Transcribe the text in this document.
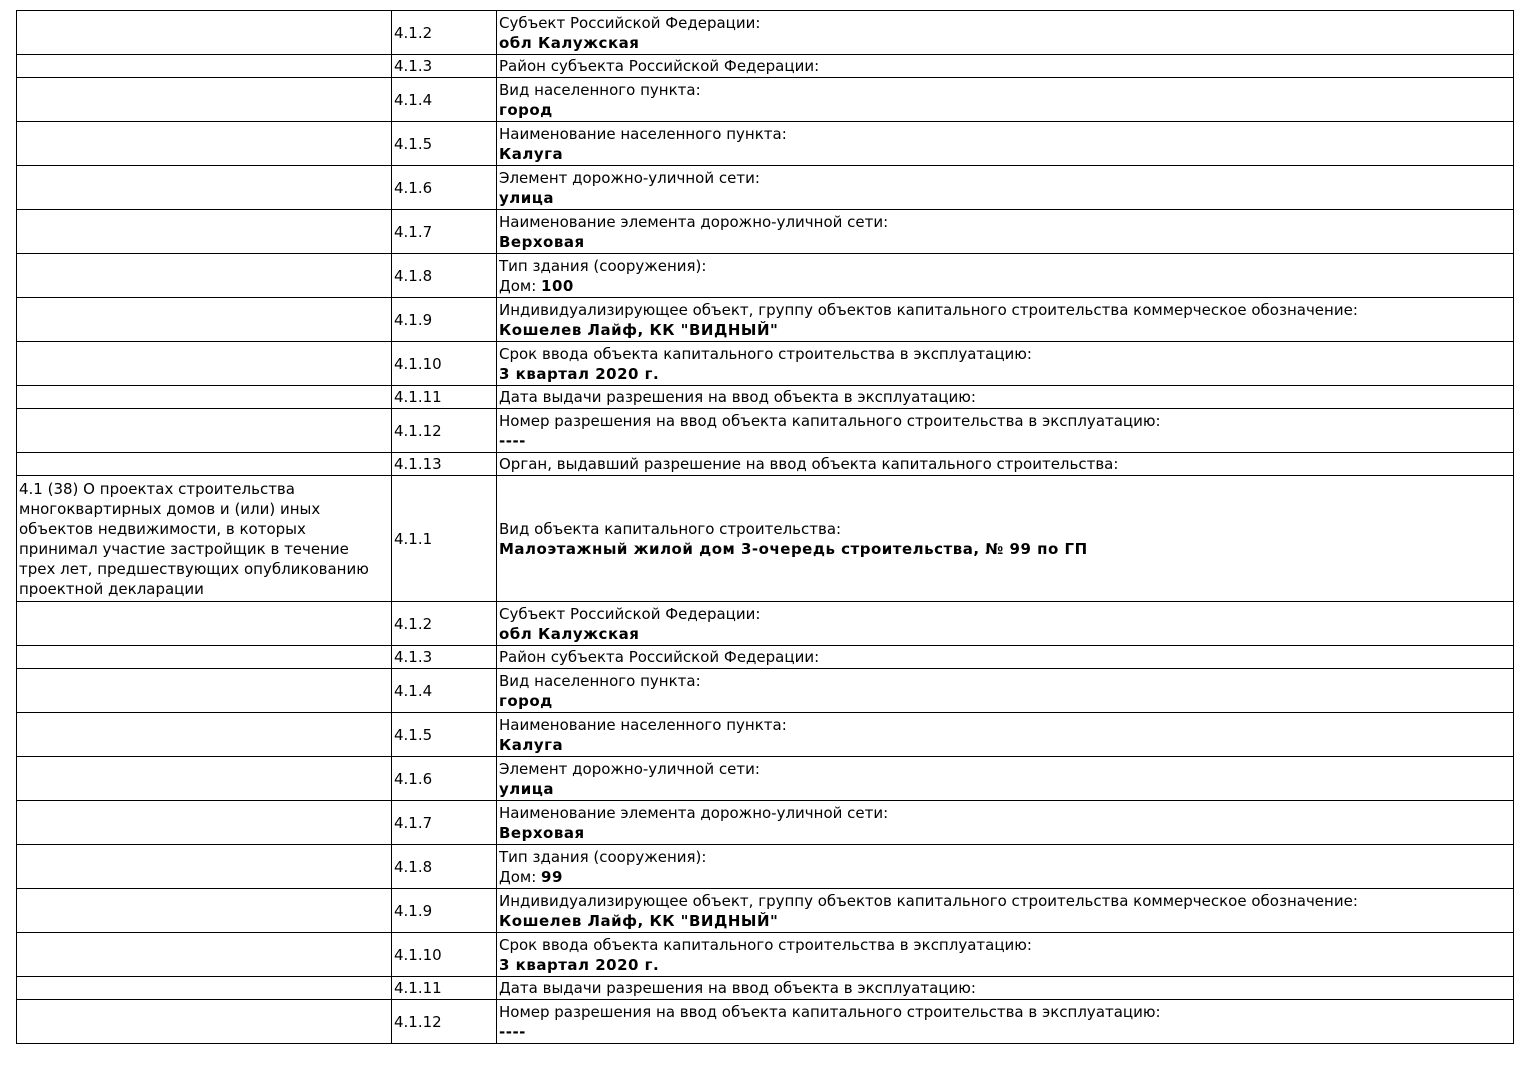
	4.1.2	Субъект Российской Федерации:
обл Калужская

	4.1.3	Район субъекта Российской Федерации:

	4.1.4	Вид населенного пункта:
город

	4.1.5	Наименование населенного пункта:
Калуга

	4.1.6	Элемент дорожно-уличной сети:
улица

	4.1.7	Наименование элемента дорожно-уличной сети:
Верховая

	4.1.8	Тип здания (сооружения):
Дом: 100

	4.1.9	Индивидуализирующее объект, группу объектов капитального строительства коммерческое обозначение:
Кошелев Лайф, КК "ВИДНЫЙ"

	4.1.10	Срок ввода объекта капитального строительства в эксплуатацию:
3 квартал 2020 г.

	4.1.11	Дата выдачи разрешения на ввод объекта в эксплуатацию:

	4.1.12	Номер разрешения на ввод объекта капитального строительства в эксплуатацию:
----

	4.1.13	Орган, выдавший разрешение на ввод объекта капитального строительства:

4.1 (38) О проектах строительства многоквартирных домов и (или) иных объектов недвижимости, в которых принимал участие застройщик в течение трех лет, предшествующих опубликованию проектной декларации	4.1.1	Вид объекта капитального строительства:
Малоэтажный жилой дом 3-очередь строительства, № 99 по ГП

	4.1.2	Субъект Российской Федерации:
обл Калужская

	4.1.3	Район субъекта Российской Федерации:

	4.1.4	Вид населенного пункта:
город

	4.1.5	Наименование населенного пункта:
Калуга

	4.1.6	Элемент дорожно-уличной сети:
улица

	4.1.7	Наименование элемента дорожно-уличной сети:
Верховая

	4.1.8	Тип здания (сооружения):
Дом: 99

	4.1.9	Индивидуализирующее объект, группу объектов капитального строительства коммерческое обозначение:
Кошелев Лайф, КК "ВИДНЫЙ"

	4.1.10	Срок ввода объекта капитального строительства в эксплуатацию:
3 квартал 2020 г.

	4.1.11	Дата выдачи разрешения на ввод объекта в эксплуатацию:

	4.1.12	Номер разрешения на ввод объекта капитального строительства в эксплуатацию:
----
